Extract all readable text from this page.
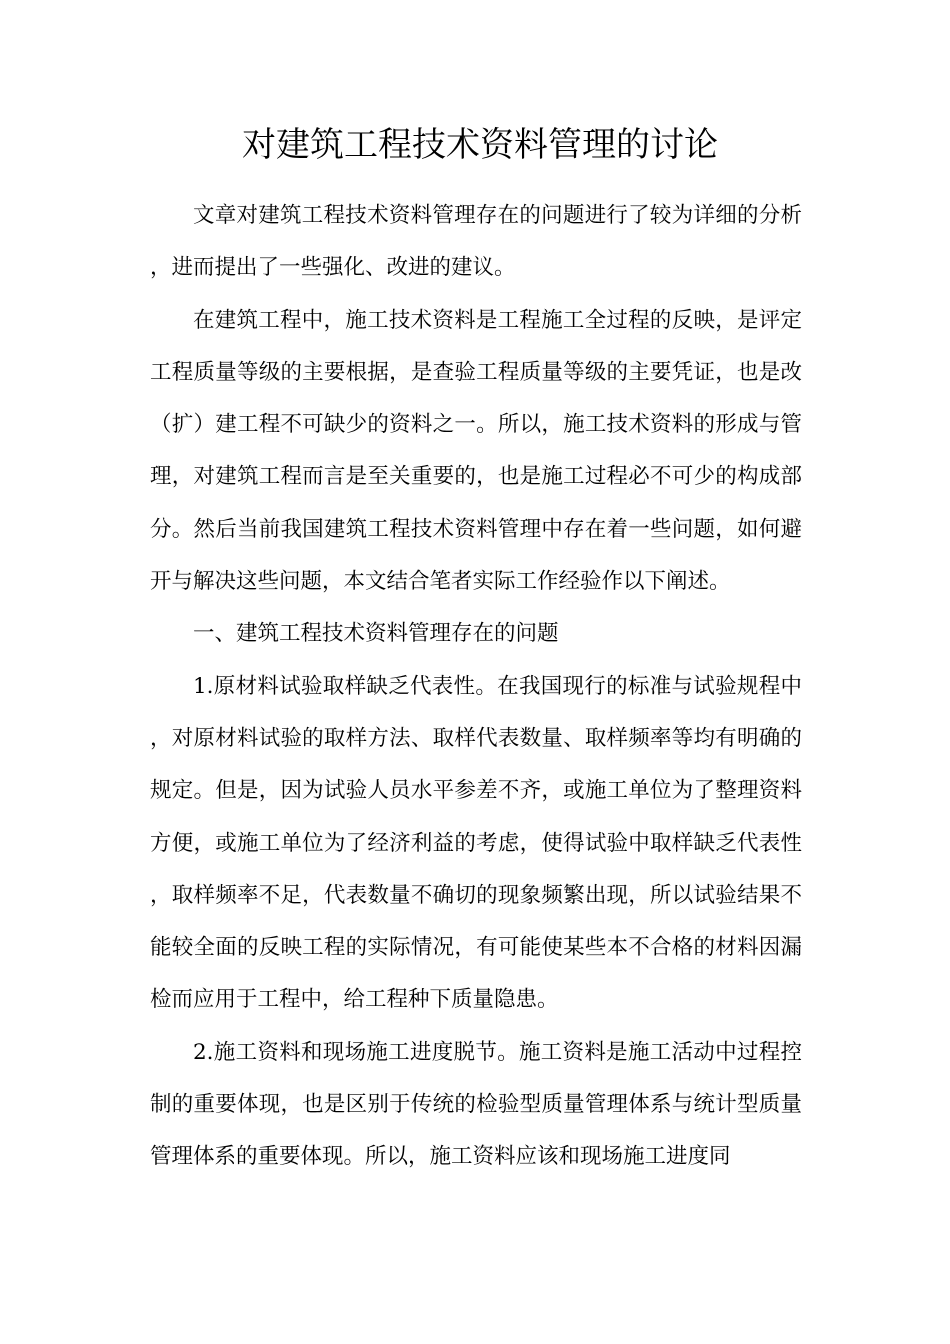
对建筑工程技术资料管理的讨论

文章对建筑工程技术资料管理存在的问题进行了较为详细的分析，进而提出了一些强化、改进的建议。

在建筑工程中，施工技术资料是工程施工全过程的反映，是评定工程质量等级的主要根据，是查验工程质量等级的主要凭证，也是改（扩）建工程不可缺少的资料之一。所以，施工技术资料的形成与管理，对建筑工程而言是至关重要的，也是施工过程必不可少的构成部分。然后当前我国建筑工程技术资料管理中存在着一些问题，如何避开与解决这些问题，本文结合笔者实际工作经验作以下阐述。

一、建筑工程技术资料管理存在的问题

1.原材料试验取样缺乏代表性。在我国现行的标准与试验规程中，对原材料试验的取样方法、取样代表数量、取样频率等均有明确的规定。但是，因为试验人员水平参差不齐，或施工单位为了整理资料方便，或施工单位为了经济利益的考虑，使得试验中取样缺乏代表性，取样频率不足，代表数量不确切的现象频繁出现，所以试验结果不能较全面的反映工程的实际情况，有可能使某些本不合格的材料因漏检而应用于工程中，给工程种下质量隐患。

2.施工资料和现场施工进度脱节。施工资料是施工活动中过程控制的重要体现，也是区别于传统的检验型质量管理体系与统计型质量管理体系的重要体现。所以，施工资料应该和现场施工进度同
